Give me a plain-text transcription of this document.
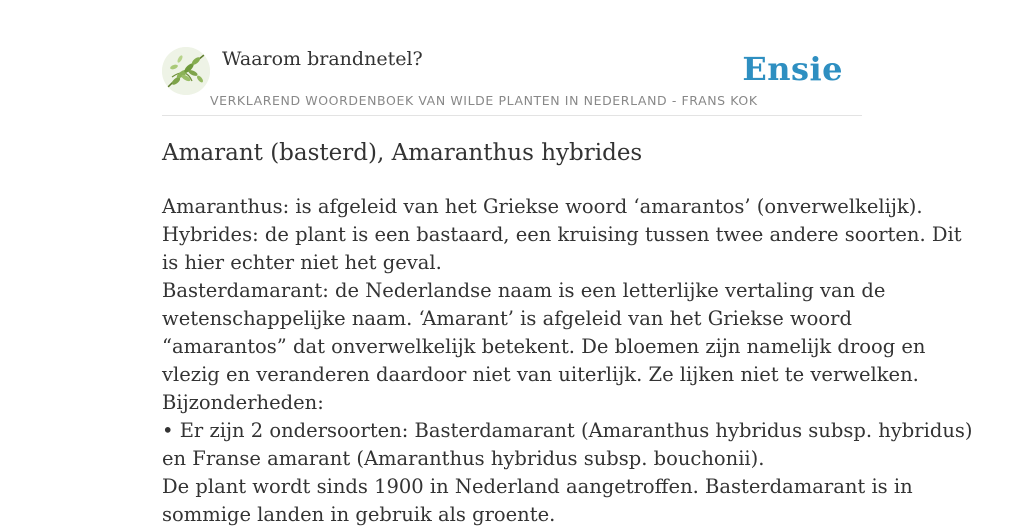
Waarom brandnetel?	Ensie
VERKLAREND WOORDENBOEK VAN WILDE PLANTEN IN NEDERLAND - FRANS KOK
Amarant (basterd), Amaranthus hybrides

Amaranthus: is afgeleid van het Griekse woord ‘amarantos’ (onverwelkelijk).

Hybrides: de plant is een bastaard, een kruising tussen twee andere soorten. Dit

is hier echter niet het geval.

Basterdamarant: de Nederlandse naam is een letterlijke vertaling van de

wetenschappelijke naam. ‘Amarant’ is afgeleid van het Griekse woord

“amarantos” dat onverwelkelijk betekent. De bloemen zijn namelijk droog en

vlezig en veranderen daardoor niet van uiterlijk. Ze lijken niet te verwelken.

Bijzonderheden:

• Er zijn 2 ondersoorten: Basterdamarant (Amaranthus hybridus subsp. hybridus)

en Franse amarant (Amaranthus hybridus subsp. bouchonii).

De plant wordt sinds 1900 in Nederland aangetroffen. Basterdamarant is in

sommige landen in gebruik als groente.
